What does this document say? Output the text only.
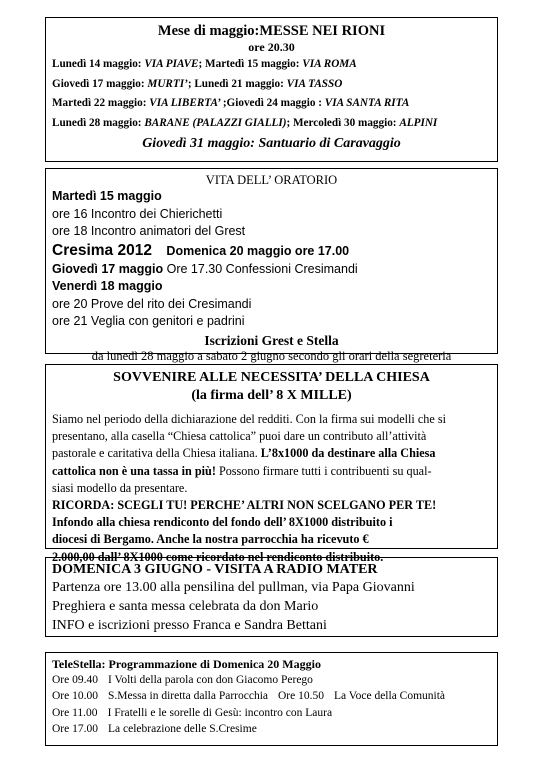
Mese di maggio:MESSE NEI RIONI
ore 20.30
Lunedì 14 maggio: VIA PIAVE; Martedì 15 maggio: VIA ROMA
Giovedì 17 maggio: MURTI’; Lunedì 21 maggio: VIA TASSO
Martedì 22 maggio: VIA LIBERTA’ ;Giovedì 24 maggio : VIA SANTA RITA
Lunedì 28 maggio: BARANE (PALAZZI GIALLI); Mercoledì 30 maggio: ALPINI
Giovedì 31 maggio: Santuario di Caravaggio
VITA DELL’ ORATORIO
Martedì 15 maggio
ore 16 Incontro dei Chierichetti
ore 18 Incontro animatori del Grest
Cresima 2012 Domenica 20 maggio ore 17.00
Giovedì 17 maggio Ore 17.30 Confessioni Cresimandi
Venerdì 18 maggio
ore 20 Prove del rito dei Cresimandi
ore 21 Veglia con genitori e padrini
Iscrizioni Grest e Stella
da lunedì 28 maggio a sabato 2 giugno secondo gli orari della segreteria
SOVVENIRE ALLE NECESSITA’ DELLA CHIESA
(la firma dell’ 8 X MILLE)
Siamo nel periodo della dichiarazione del redditi. Con la firma sui modelli che si
presentano, alla casella “Chiesa cattolica” puoi dare un contributo all’attività
pastorale e caritativa della Chiesa italiana. L’8x1000 da destinare alla Chiesa
cattolica non è una tassa in più! Possono firmare tutti i contribuenti su qual-
siasi modello da presentare.
RICORDA: SCEGLI TU! PERCHE’ ALTRI NON SCELGANO PER TE!
Infondo alla chiesa rendiconto del fondo dell’ 8X1000 distribuito i
diocesi di Bergamo. Anche la nostra parrocchia ha ricevuto €
2.000,00 dall’ 8X1000 come ricordato nel rendiconto distribuito.
DOMENICA 3 GIUGNO - VISITA A RADIO MATER
Partenza ore 13.00 alla pensilina del pullman, via Papa Giovanni
Preghiera e santa messa celebrata da don Mario
INFO e iscrizioni presso Franca e Sandra Bettani
TeleStella: Programmazione di Domenica 20 Maggio
Ore 09.40 I Volti della parola con don Giacomo Perego
Ore 10.00 S.Messa in diretta dalla Parrocchia Ore 10.50 La Voce della Comunità
Ore 11.00 I Fratelli e le sorelle di Gesù: incontro con Laura
Ore 17.00 La celebrazione delle S.Cresime
